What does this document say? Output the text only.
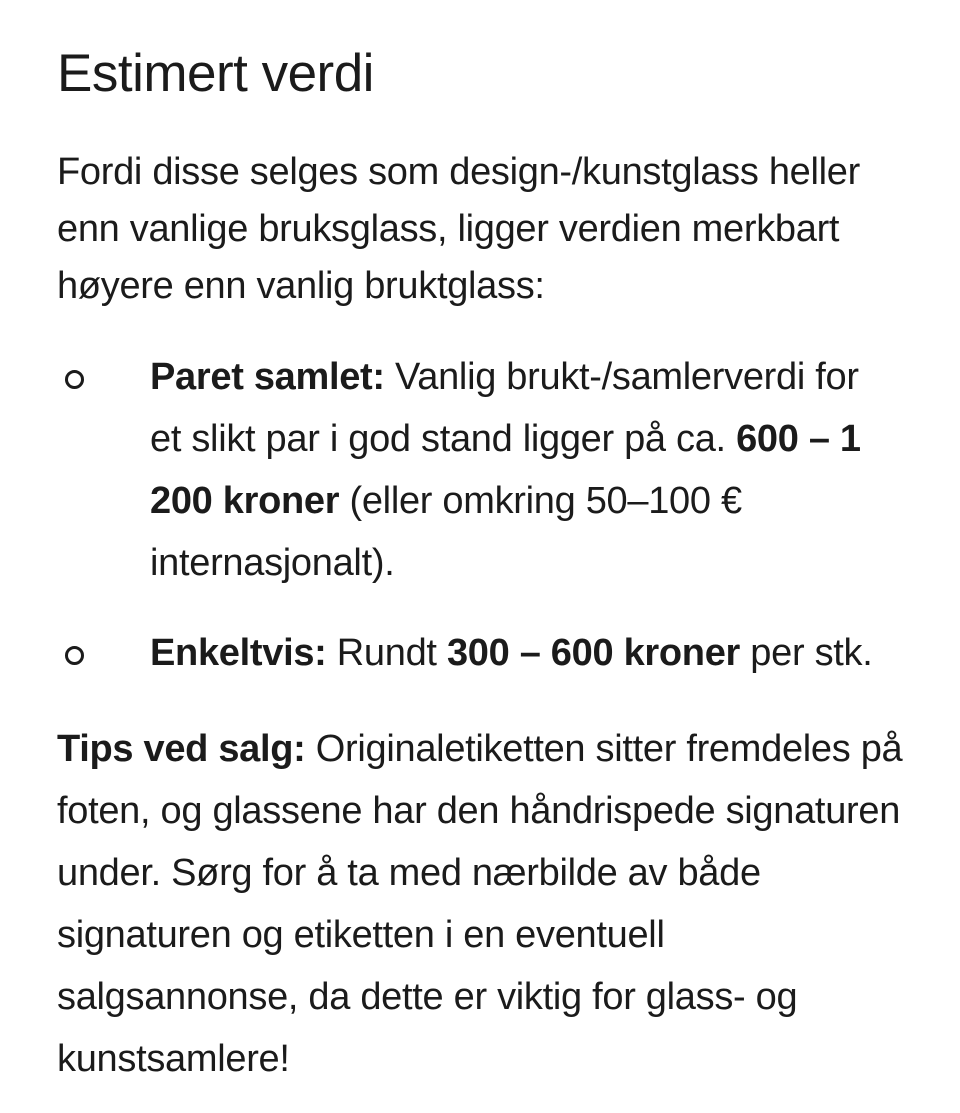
Estimert verdi

Fordi disse selges som design-/kunstglass heller enn vanlige bruksglass, ligger verdien merkbart høyere enn vanlig bruktglass:

Paret samlet: Vanlig brukt-/samlerverdi for et slikt par i god stand ligger på ca. 600 – 1 200 kroner (eller omkring 50–100 € internasjonalt).

Enkeltvis: Rundt 300 – 600 kroner per stk.

Tips ved salg: Originaletiketten sitter fremdeles på foten, og glassene har den håndrispede signaturen under. Sørg for å ta med nærbilde av både signaturen og etiketten i en eventuell salgsannonse, da dette er viktig for glass- og kunstsamlere!
